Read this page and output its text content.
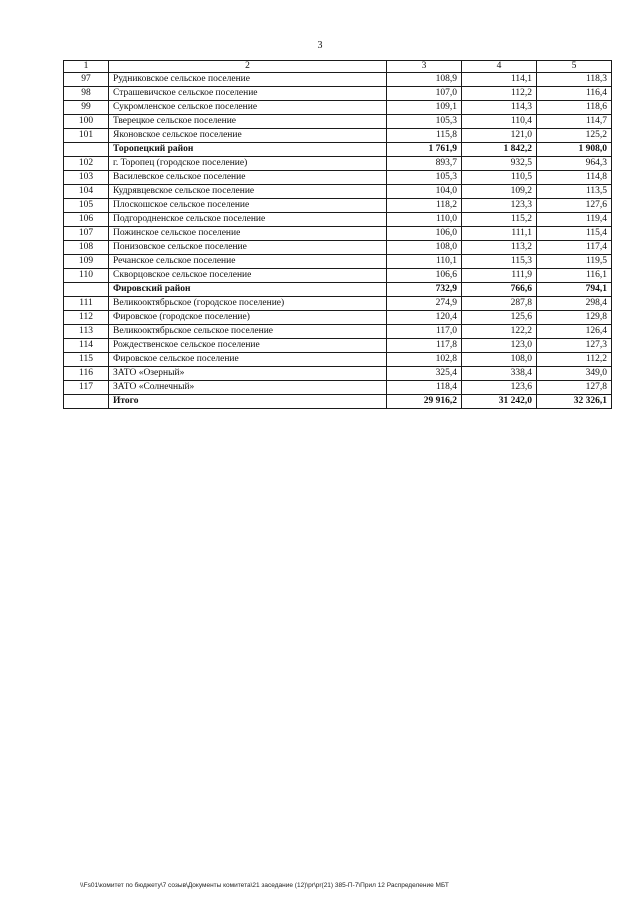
3
1	2	3	4	5
97	Рудниковское сельское поселение	108,9	114,1	118,3
98	Страшевичское сельское поселение	107,0	112,2	116,4
99	Сукромленское сельское поселение	109,1	114,3	118,6
100	Тверецкое сельское поселение	105,3	110,4	114,7
101	Яконовское сельское поселение	115,8	121,0	125,2
	Торопецкий район	1 761,9	1 842,2	1 908,0
102	г. Торопец (городское поселение)	893,7	932,5	964,3
103	Василевское сельское поселение	105,3	110,5	114,8
104	Кудрявцевское сельское поселение	104,0	109,2	113,5
105	Плоскошское сельское поселение	118,2	123,3	127,6
106	Подгородненское сельское поселение	110,0	115,2	119,4
107	Пожинское сельское поселение	106,0	111,1	115,4
108	Понизовское сельское поселение	108,0	113,2	117,4
109	Речанское сельское поселение	110,1	115,3	119,5
110	Скворцовское сельское поселение	106,6	111,9	116,1
	Фировский район	732,9	766,6	794,1
111	Великооктябрьское (городское поселение)	274,9	287,8	298,4
112	Фировское (городское поселение)	120,4	125,6	129,8
113	Великооктябрьское сельское поселение	117,0	122,2	126,4
114	Рождественское сельское поселение	117,8	123,0	127,3
115	Фировское сельское поселение	102,8	108,0	112,2
116	ЗАТО «Озерный»	325,4	338,4	349,0
117	ЗАТО «Солнечный»	118,4	123,6	127,8
	Итого	29 916,2	31 242,0	32 326,1
\\Fs01\комитет по бюджету\7 созыв\Документы комитета\21 заседание (12)\pr\pr(21) 385-П-7\Прил 12 Распределение МБТ
